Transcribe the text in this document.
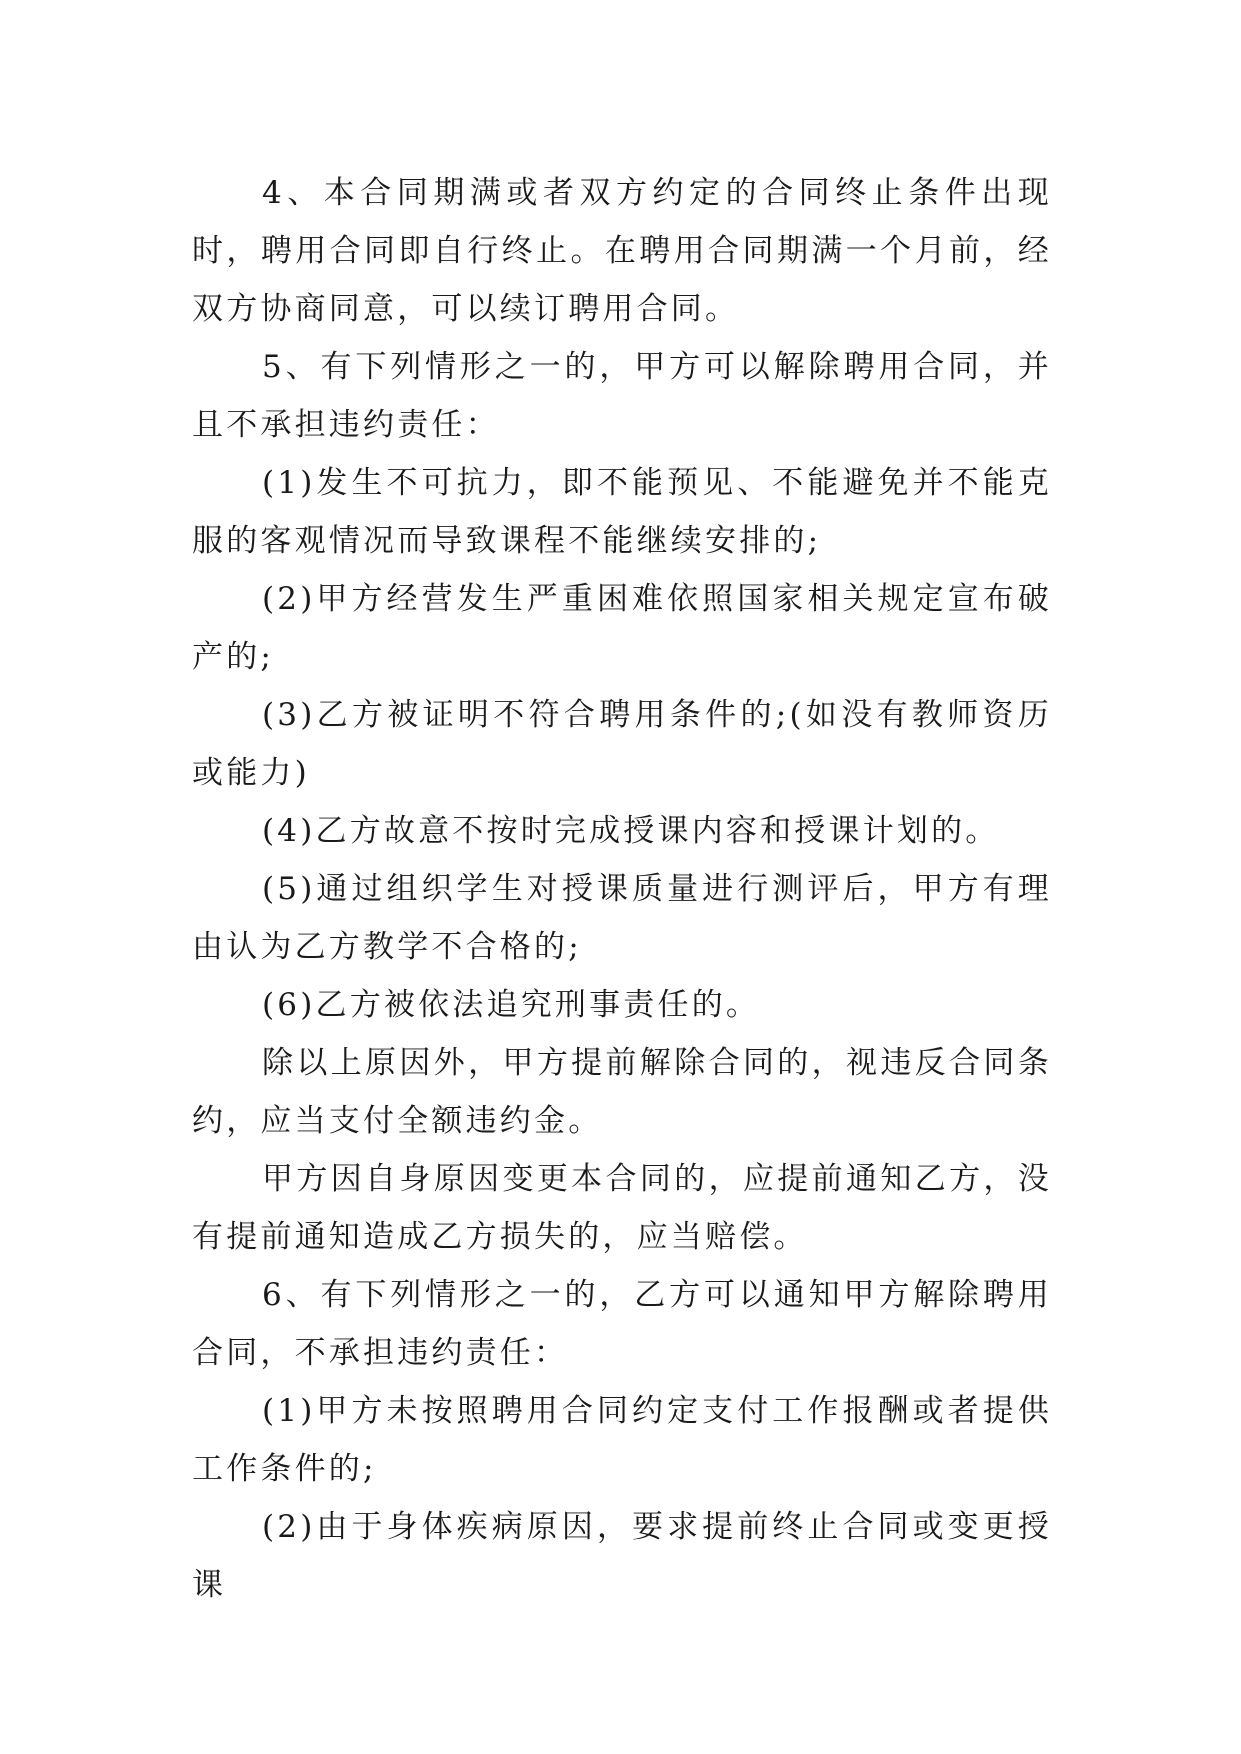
4、本合同期满或者双方约定的合同终止条件出现时，聘用合同即自行终止。在聘用合同期满一个月前，经双方协商同意，可以续订聘用合同。

5、有下列情形之一的，甲方可以解除聘用合同，并且不承担违约责任：

(1)发生不可抗力，即不能预见、不能避免并不能克服的客观情况而导致课程不能继续安排的;

(2)甲方经营发生严重困难依照国家相关规定宣布破产的;

(3)乙方被证明不符合聘用条件的;(如没有教师资历或能力)

(4)乙方故意不按时完成授课内容和授课计划的。

(5)通过组织学生对授课质量进行测评后，甲方有理由认为乙方教学不合格的;

(6)乙方被依法追究刑事责任的。

除以上原因外，甲方提前解除合同的，视违反合同条约，应当支付全额违约金。

甲方因自身原因变更本合同的，应提前通知乙方，没有提前通知造成乙方损失的，应当赔偿。

6、有下列情形之一的，乙方可以通知甲方解除聘用合同，不承担违约责任：

(1)甲方未按照聘用合同约定支付工作报酬或者提供工作条件的;

(2)由于身体疾病原因，要求提前终止合同或变更授课
